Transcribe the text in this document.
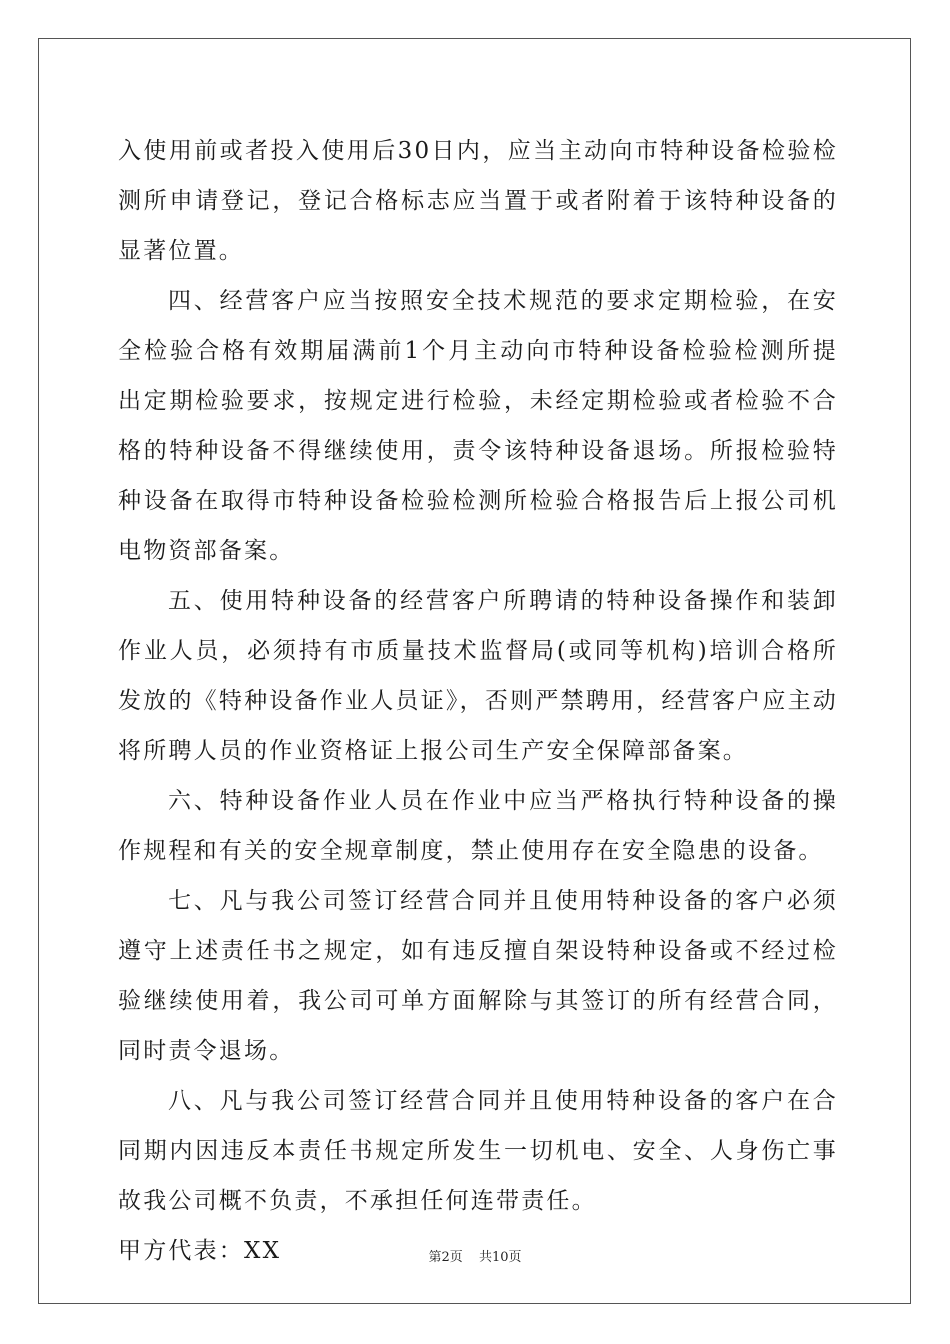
入使用前或者投入使用后30日内，应当主动向市特种设备检验检测所申请登记，登记合格标志应当置于或者附着于该特种设备的显著位置。

四、经营客户应当按照安全技术规范的要求定期检验，在安全检验合格有效期届满前1个月主动向市特种设备检验检测所提出定期检验要求，按规定进行检验，未经定期检验或者检验不合格的特种设备不得继续使用，责令该特种设备退场。所报检验特种设备在取得市特种设备检验检测所检验合格报告后上报公司机电物资部备案。

五、使用特种设备的经营客户所聘请的特种设备操作和装卸作业人员，必须持有市质量技术监督局(或同等机构)培训合格所发放的《特种设备作业人员证》，否则严禁聘用，经营客户应主动将所聘人员的作业资格证上报公司生产安全保障部备案。

六、特种设备作业人员在作业中应当严格执行特种设备的操作规程和有关的安全规章制度，禁止使用存在安全隐患的设备。

七、凡与我公司签订经营合同并且使用特种设备的客户必须遵守上述责任书之规定，如有违反擅自架设特种设备或不经过检验继续使用着，我公司可单方面解除与其签订的所有经营合同，同时责令退场。

八、凡与我公司签订经营合同并且使用特种设备的客户在合同期内因违反本责任书规定所发生一切机电、安全、人身伤亡事故我公司概不负责，不承担任何连带责任。

甲方代表：XX	第2页 共10页
